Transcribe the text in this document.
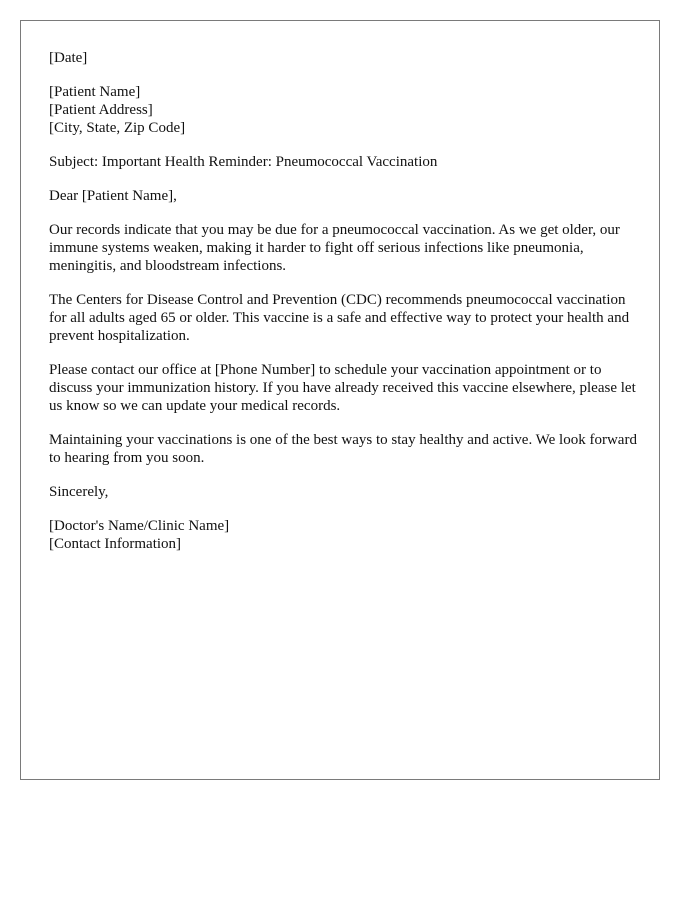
[Date]

[Patient Name]
[Patient Address]
[City, State, Zip Code]

Subject: Important Health Reminder: Pneumococcal Vaccination

Dear [Patient Name],

Our records indicate that you may be due for a pneumococcal vaccination. As we get older, our immune systems weaken, making it harder to fight off serious infections like pneumonia, meningitis, and bloodstream infections.

The Centers for Disease Control and Prevention (CDC) recommends pneumococcal vaccination for all adults aged 65 or older. This vaccine is a safe and effective way to protect your health and prevent hospitalization.

Please contact our office at [Phone Number] to schedule your vaccination appointment or to discuss your immunization history. If you have already received this vaccine elsewhere, please let us know so we can update your medical records.

Maintaining your vaccinations is one of the best ways to stay healthy and active. We look forward to hearing from you soon.

Sincerely,

[Doctor's Name/Clinic Name]
[Contact Information]
